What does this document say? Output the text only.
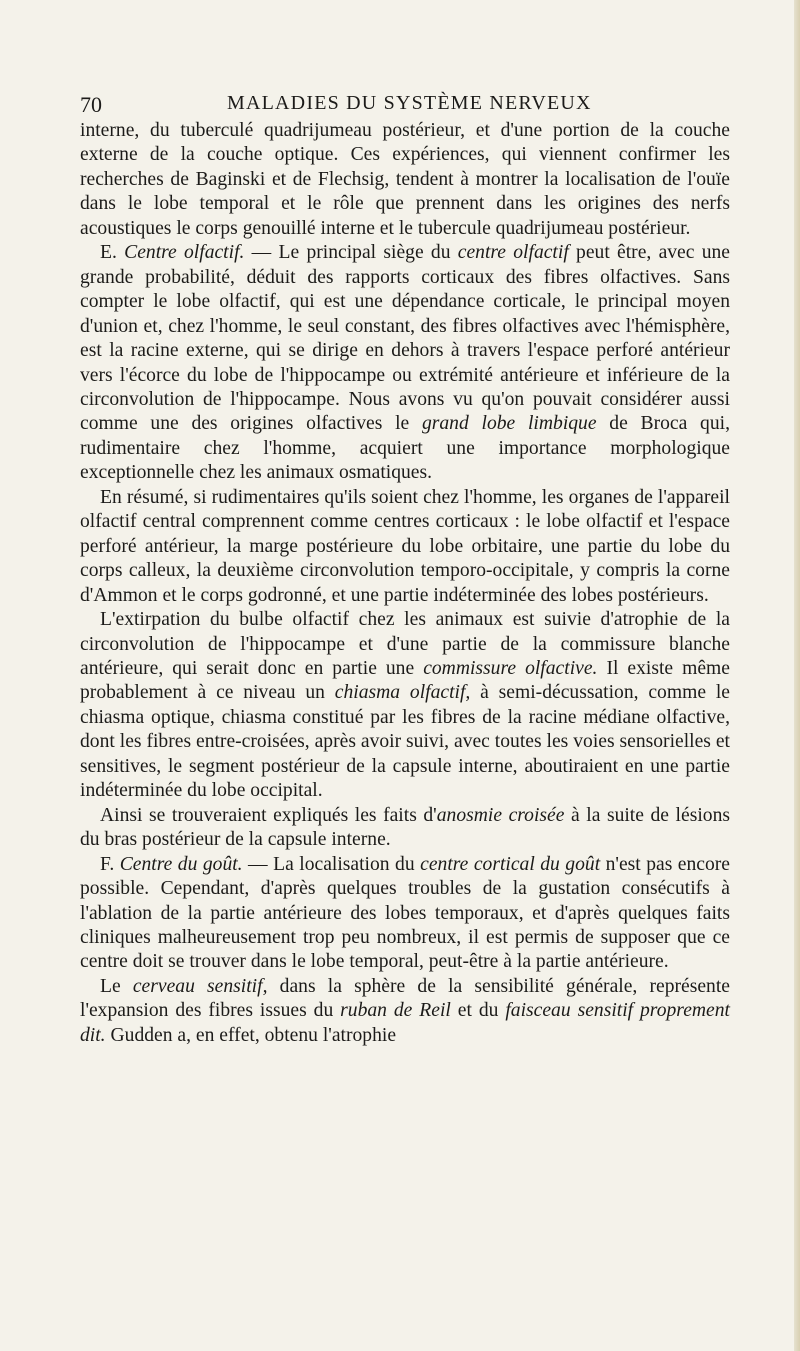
70	MALADIES DU SYSTÈME NERVEUX

interne, du tuberculé quadrijumeau postérieur, et d'une portion de la couche externe de la couche optique. Ces expériences, qui viennent confirmer les recherches de Baginski et de Flechsig, tendent à montrer la localisation de l'ouïe dans le lobe temporal et le rôle que prennent dans les origines des nerfs acoustiques le corps genouillé interne et le tubercule quadrijumeau postérieur.

E. Centre olfactif. — Le principal siège du centre olfactif peut être, avec une grande probabilité, déduit des rapports corticaux des fibres olfactives. Sans compter le lobe olfactif, qui est une dépendance corticale, le principal moyen d'union et, chez l'homme, le seul constant, des fibres olfactives avec l'hémisphère, est la racine externe, qui se dirige en dehors à travers l'espace perforé antérieur vers l'écorce du lobe de l'hippocampe ou extrémité antérieure et inférieure de la circonvolution de l'hippocampe. Nous avons vu qu'on pouvait considérer aussi comme une des origines olfactives le grand lobe limbique de Broca qui, rudimentaire chez l'homme, acquiert une importance morphologique exceptionnelle chez les animaux osmatiques.

En résumé, si rudimentaires qu'ils soient chez l'homme, les organes de l'appareil olfactif central comprennent comme centres corticaux : le lobe olfactif et l'espace perforé antérieur, la marge postérieure du lobe orbitaire, une partie du lobe du corps calleux, la deuxième circonvolution temporo-occipitale, y compris la corne d'Ammon et le corps godronné, et une partie indéterminée des lobes postérieurs.

L'extirpation du bulbe olfactif chez les animaux est suivie d'atrophie de la circonvolution de l'hippocampe et d'une partie de la commissure blanche antérieure, qui serait donc en partie une commissure olfactive. Il existe même probablement à ce niveau un chiasma olfactif, à semi-décussation, comme le chiasma optique, chiasma constitué par les fibres de la racine médiane olfactive, dont les fibres entre-croisées, après avoir suivi, avec toutes les voies sensorielles et sensitives, le segment postérieur de la capsule interne, aboutiraient en une partie indéterminée du lobe occipital.

Ainsi se trouveraient expliqués les faits d'anosmie croisée à la suite de lésions du bras postérieur de la capsule interne.

F. Centre du goût. — La localisation du centre cortical du goût n'est pas encore possible. Cependant, d'après quelques troubles de la gustation consécutifs à l'ablation de la partie antérieure des lobes temporaux, et d'après quelques faits cliniques malheureusement trop peu nombreux, il est permis de supposer que ce centre doit se trouver dans le lobe temporal, peut-être à la partie antérieure.

Le cerveau sensitif, dans la sphère de la sensibilité générale, représente l'expansion des fibres issues du ruban de Reil et du faisceau sensitif proprement dit. Gudden a, en effet, obtenu l'atrophie
